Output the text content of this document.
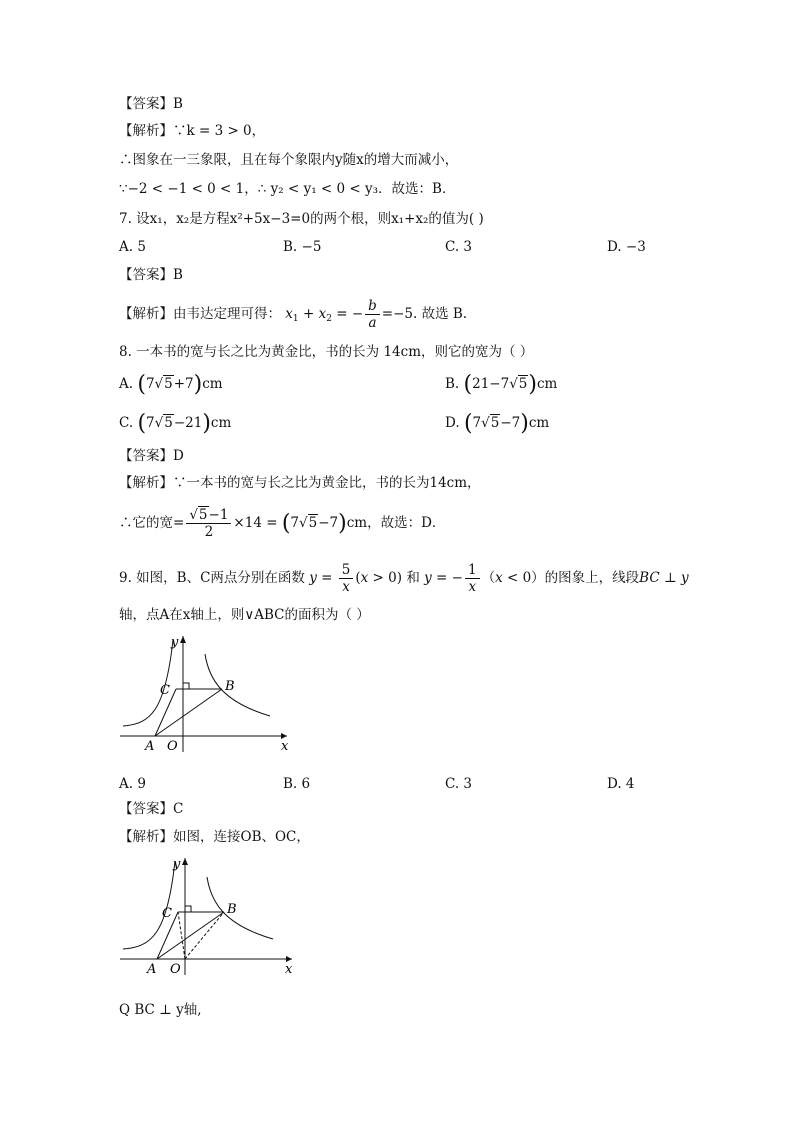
【答案】B
【解析】∵k = 3 > 0，
∴图象在一三象限，且在每个象限内y随x的增大而减小，
∵−2 < −1 < 0 < 1，∴ y₂ < y₁ < 0 < y₃．故选：B．
7. 设x₁，x₂是方程x²+5x−3=0的两个根，则x₁+x₂的值为( )
A. 5	B. −5	C. 3	D. −3
【答案】B
【解析】由韦达定理可得： $x_1 + x_2$ = − $\frac{b}{a} =-5$. 故选 B.
8. 一本书的宽与长之比为黄金比，书的长为 14cm，则它的宽为（ ）
A. (7√5+7)cm	B. (21−7√5)cm
C. (7√5−21)cm	D. (7√5−7)cm
【答案】D
【解析】∵一本书的宽与长之比为黄金比，书的长为14cm，
∴它的宽= $\frac{√5-1}{2} \times 14 = (7√5-7)cm$，故选：D．
9. 如图，B、C两点分别在函数 $y = \frac{5}{x} (x > 0)$ 和 y = − $\frac{1}{x} (x < 0)$的图象上，线段BC ⊥ y
轴，点A在x轴上，则∨ABC的面积为（ ）
y
C	B
A O	x
A. 9	B. 6	C. 3	D. 4
【答案】C
【解析】如图，连接OB、OC，
y
C	B
A O	x
Q BC ⊥ y轴,
